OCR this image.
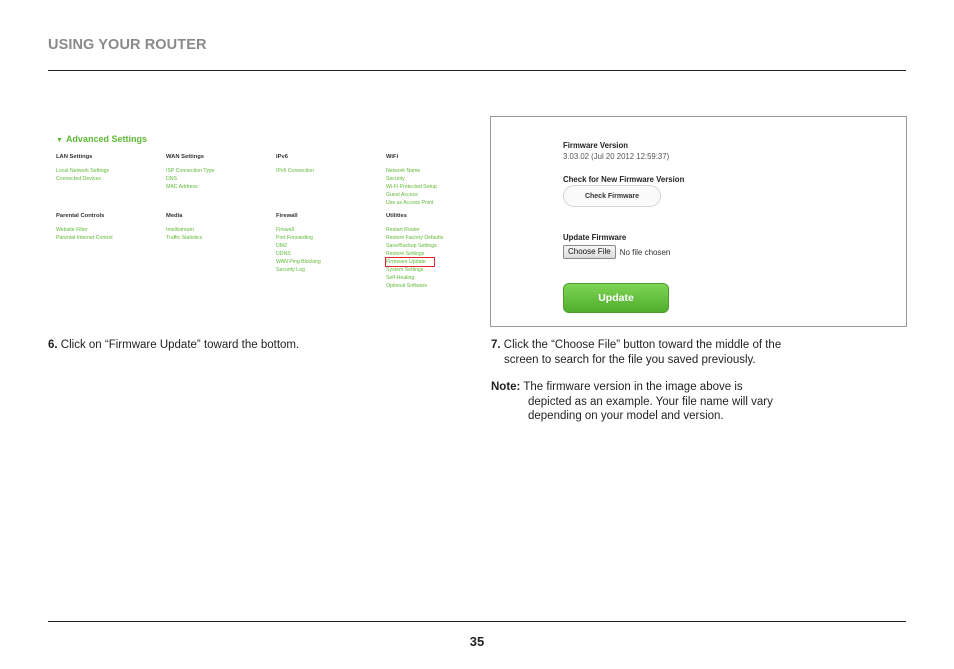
USING YOUR ROUTER
▼ Advanced Settings
LAN Settings
Local Network Settings
Connected Devices
WAN Settings
ISP Connection Type
DNS
MAC Address
IPv6
IPv6 Connection
WiFi
Network Name
Security
Wi-Fi Protected Setup
Guest Access
Use as Access Point
Parental Controls
Website Filter
Parental Internet Control
Media
Intellistream
Traffic Statistics
Firewall
Firewall
Port Forwarding
DMZ
DDNS
WAN Ping Blocking
Security Log
Utilities
Restart Router
Restore Factory Defaults
Save/Backup Settings
Restore Settings
Firmware Update
System Settings
Self-Healing
Optional Software
Firmware Version
3.03.02 (Jul 20 2012 12:59:37)
Check for New Firmware Version
Check Firmware
Update Firmware
Choose File	No file chosen
Update
6. Click on “Firmware Update” toward the bottom.	7. Click the “Choose File” button toward the middle of the
screen to search for the file you saved previously.
Note: The firmware version in the image above is
depicted as an example. Your file name will vary
depending on your model and version.
35
